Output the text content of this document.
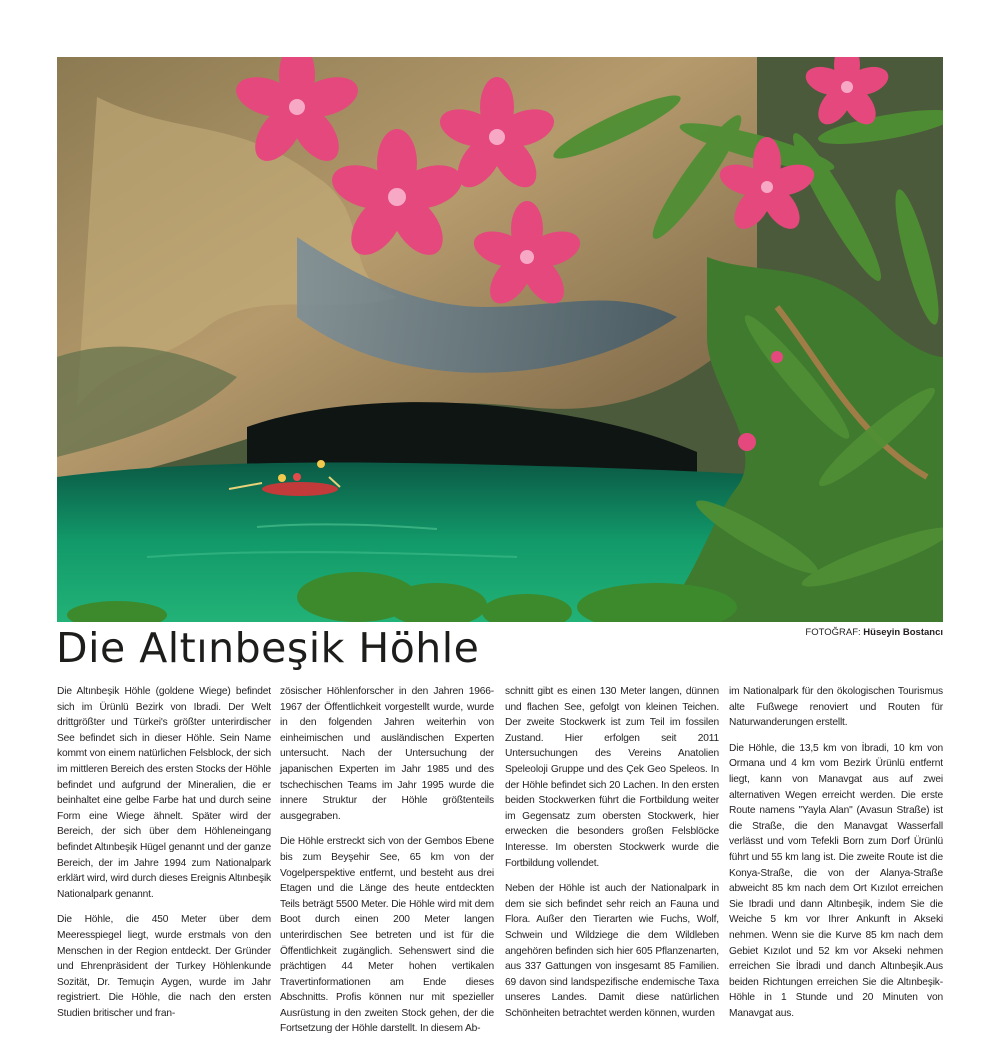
Die Altınbeşik Höhle	FOTOĞRAF: Hüseyin Bostancı

Die Altınbeşik Höhle (goldene Wiege) befindet sich im Ürünlü Bezirk von Ibradi. Der Welt drittgrößter und Türkei's größter unterirdischer See befindet sich in dieser Höhle. Sein Name kommt von einem natürlichen Felsblock, der sich im mittleren Bereich des ersten Stocks der Höhle befindet und aufgrund der Mineralien, die er beinhaltet eine gelbe Farbe hat und durch seine Form eine Wiege ähnelt. Später wird der Bereich, der sich über dem Höhleneingang befindet Altınbeşik Hügel genannt und der ganze Bereich, der im Jahre 1994 zum Nationalpark erklärt wird, wird durch dieses Ereignis Altınbeşik Nationalpark genannt.

Die Höhle, die 450 Meter über dem Meeresspiegel liegt, wurde erstmals von den Menschen in der Region entdeckt. Der Gründer und Ehrenpräsident der Turkey Höhlenkunde Sozität, Dr. Temuçin Aygen, wurde im Jahr registriert. Die Höhle, die nach den ersten Studien britischer und fran-

zösischer Höhlenforscher in den Jahren 1966-1967 der Öffentlichkeit vorgestellt wurde, wurde in den folgenden Jahren weiterhin von einheimischen und ausländischen Experten untersucht. Nach der Untersuchung der japanischen Experten im Jahr 1985 und des tschechischen Teams im Jahr 1995 wurde die innere Struktur der Höhle größtenteils ausgegraben.

Die Höhle erstreckt sich von der Gembos Ebene bis zum Beyşehir See, 65 km von der Vogelperspektive entfernt, und besteht aus drei Etagen und die Länge des heute entdeckten Teils beträgt 5500 Meter. Die Höhle wird mit dem Boot durch einen 200 Meter langen unterirdischen See betreten und ist für die Öffentlichkeit zugänglich. Sehenswert sind die prächtigen 44 Meter hohen vertikalen Travertinformationen am Ende dieses Abschnitts. Profis können nur mit spezieller Ausrüstung in den zweiten Stock gehen, der die Fortsetzung der Höhle darstellt. In diesem Ab-

schnitt gibt es einen 130 Meter langen, dünnen und flachen See, gefolgt von kleinen Teichen. Der zweite Stockwerk ist zum Teil im fossilen Zustand. Hier erfolgen seit 2011 Untersuchungen des Vereins Anatolien Speleoloji Gruppe und des Çek Geo Speleos. In der Höhle befindet sich 20 Lachen. In den ersten beiden Stockwerken führt die Fortbildung weiter im Gegensatz zum obersten Stockwerk, hier erwecken die besonders großen Felsblöcke Interesse. Im obersten Stockwerk wurde die Fortbildung vollendet.

Neben der Höhle ist auch der Nationalpark in dem sie sich befindet sehr reich an Fauna und Flora. Außer den Tierarten wie Fuchs, Wolf, Schwein und Wildziege die dem Wildleben angehören befinden sich hier 605 Pflanzenarten, aus 337 Gattungen von insgesamt 85 Familien. 69 davon sind landspezifische endemische Taxa unseres Landes. Damit diese natürlichen Schönheiten betrachtet werden können, wurden

im Nationalpark für den ökologischen Tourismus alte Fußwege renoviert und Routen für Naturwanderungen erstellt.

Die Höhle, die 13,5 km von İbradi, 10 km von Ormana und 4 km vom Bezirk Ürünlü entfernt liegt, kann von Manavgat aus auf zwei alternativen Wegen erreicht werden. Die erste Route namens "Yayla Alan" (Avasun Straße) ist die Straße, die den Manavgat Wasserfall verlässt und vom Tefekli Born zum Dorf Ürünlü führt und 55 km lang ist. Die zweite Route ist die Konya-Straße, die von der Alanya-Straße abweicht 85 km nach dem Ort Kızılot erreichen Sie Ibradi und dann Altınbeşik, indem Sie die Weiche 5 km vor Ihrer Ankunft in Akseki nehmen. Wenn sie die Kurve 85 km nach dem Gebiet Kızılot und 52 km vor Akseki nehmen erreichen Sie İbradi und danch Altınbeşik.Aus beiden Richtungen erreichen Sie die Altınbeşik-Höhle in 1 Stunde und 20 Minuten von Manavgat aus.
